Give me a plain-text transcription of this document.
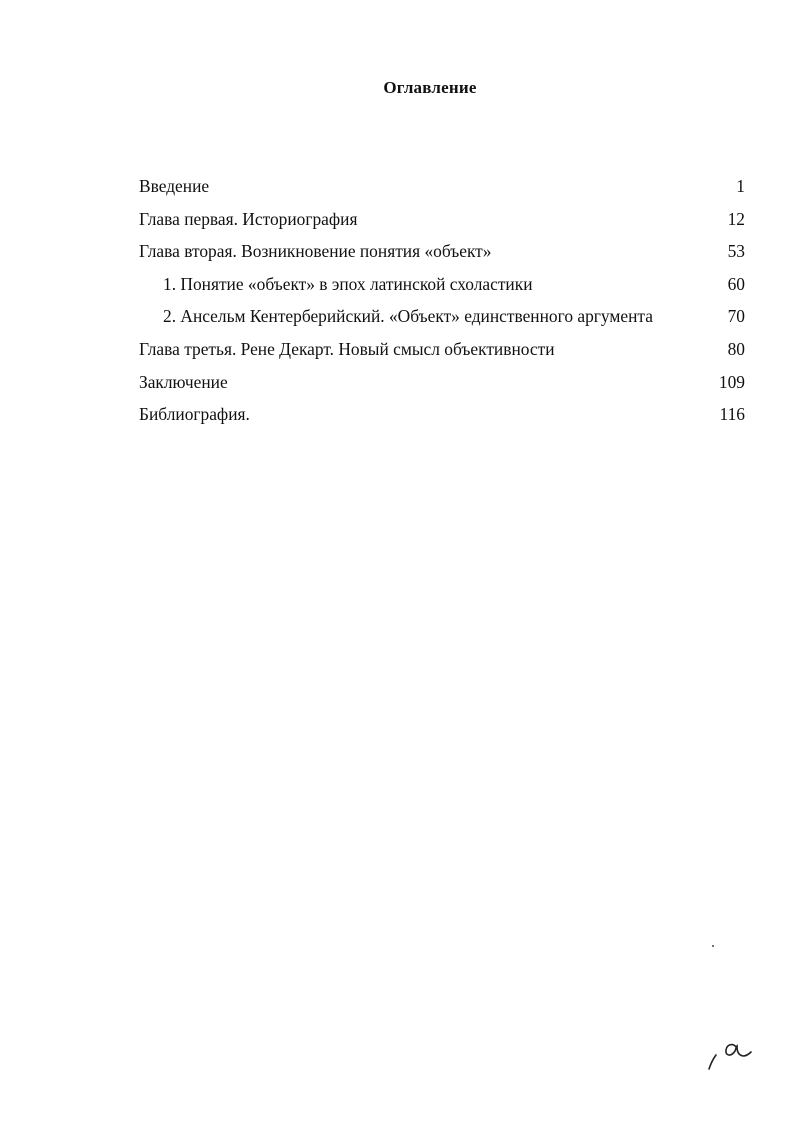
Оглавление
Введение	1
Глава первая. Историография	12
Глава вторая. Возникновение понятия «объект»	53
1. Понятие «объект» в эпох латинской схоластики	60
2. Ансельм Кентерберийский. «Объект» единственного аргумента	70
Глава третья. Рене Декарт. Новый смысл объективности	80
Заключение	109
Библиография.	116
